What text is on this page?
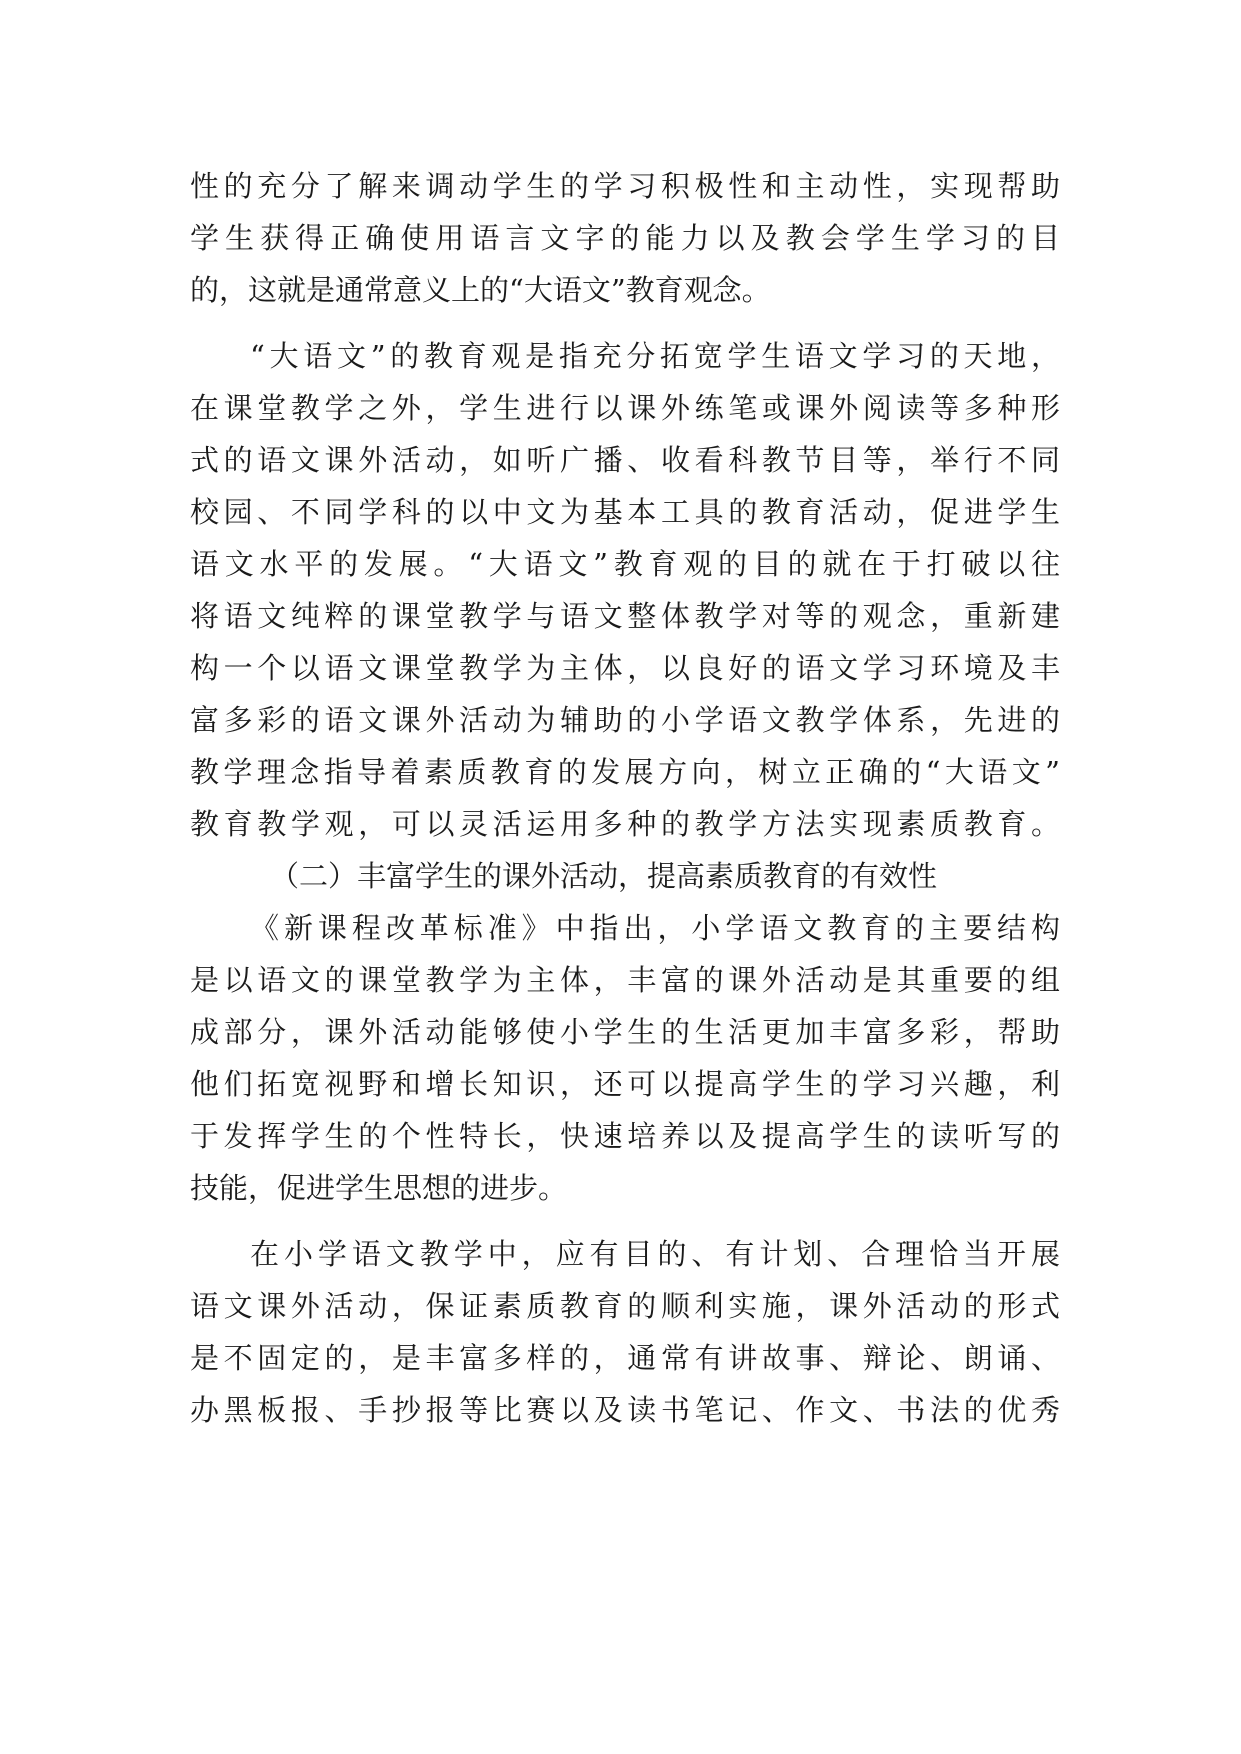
性的充分了解来调动学生的学习积极性和主动性，实现帮助
学生获得正确使用语言文字的能力以及教会学生学习的目
的，这就是通常意义上的“大语文”教育观念。
“大语文”的教育观是指充分拓宽学生语文学习的天地，
在课堂教学之外，学生进行以课外练笔或课外阅读等多种形
式的语文课外活动，如听广播、收看科教节目等，举行不同
校园、不同学科的以中文为基本工具的教育活动，促进学生
语文水平的发展。“大语文”教育观的目的就在于打破以往
将语文纯粹的课堂教学与语文整体教学对等的观念，重新建
构一个以语文课堂教学为主体，以良好的语文学习环境及丰
富多彩的语文课外活动为辅助的小学语文教学体系，先进的
教学理念指导着素质教育的发展方向，树立正确的“大语文”
教育教学观，可以灵活运用多种的教学方法实现素质教育。
（二）丰富学生的课外活动，提高素质教育的有效性
《新课程改革标准》中指出，小学语文教育的主要结构
是以语文的课堂教学为主体，丰富的课外活动是其重要的组
成部分，课外活动能够使小学生的生活更加丰富多彩，帮助
他们拓宽视野和增长知识，还可以提高学生的学习兴趣，利
于发挥学生的个性特长，快速培养以及提高学生的读听写的
技能，促进学生思想的进步。
在小学语文教学中，应有目的、有计划、合理恰当开展
语文课外活动，保证素质教育的顺利实施，课外活动的形式
是不固定的，是丰富多样的，通常有讲故事、辩论、朗诵、
办黑板报、手抄报等比赛以及读书笔记、作文、书法的优秀
